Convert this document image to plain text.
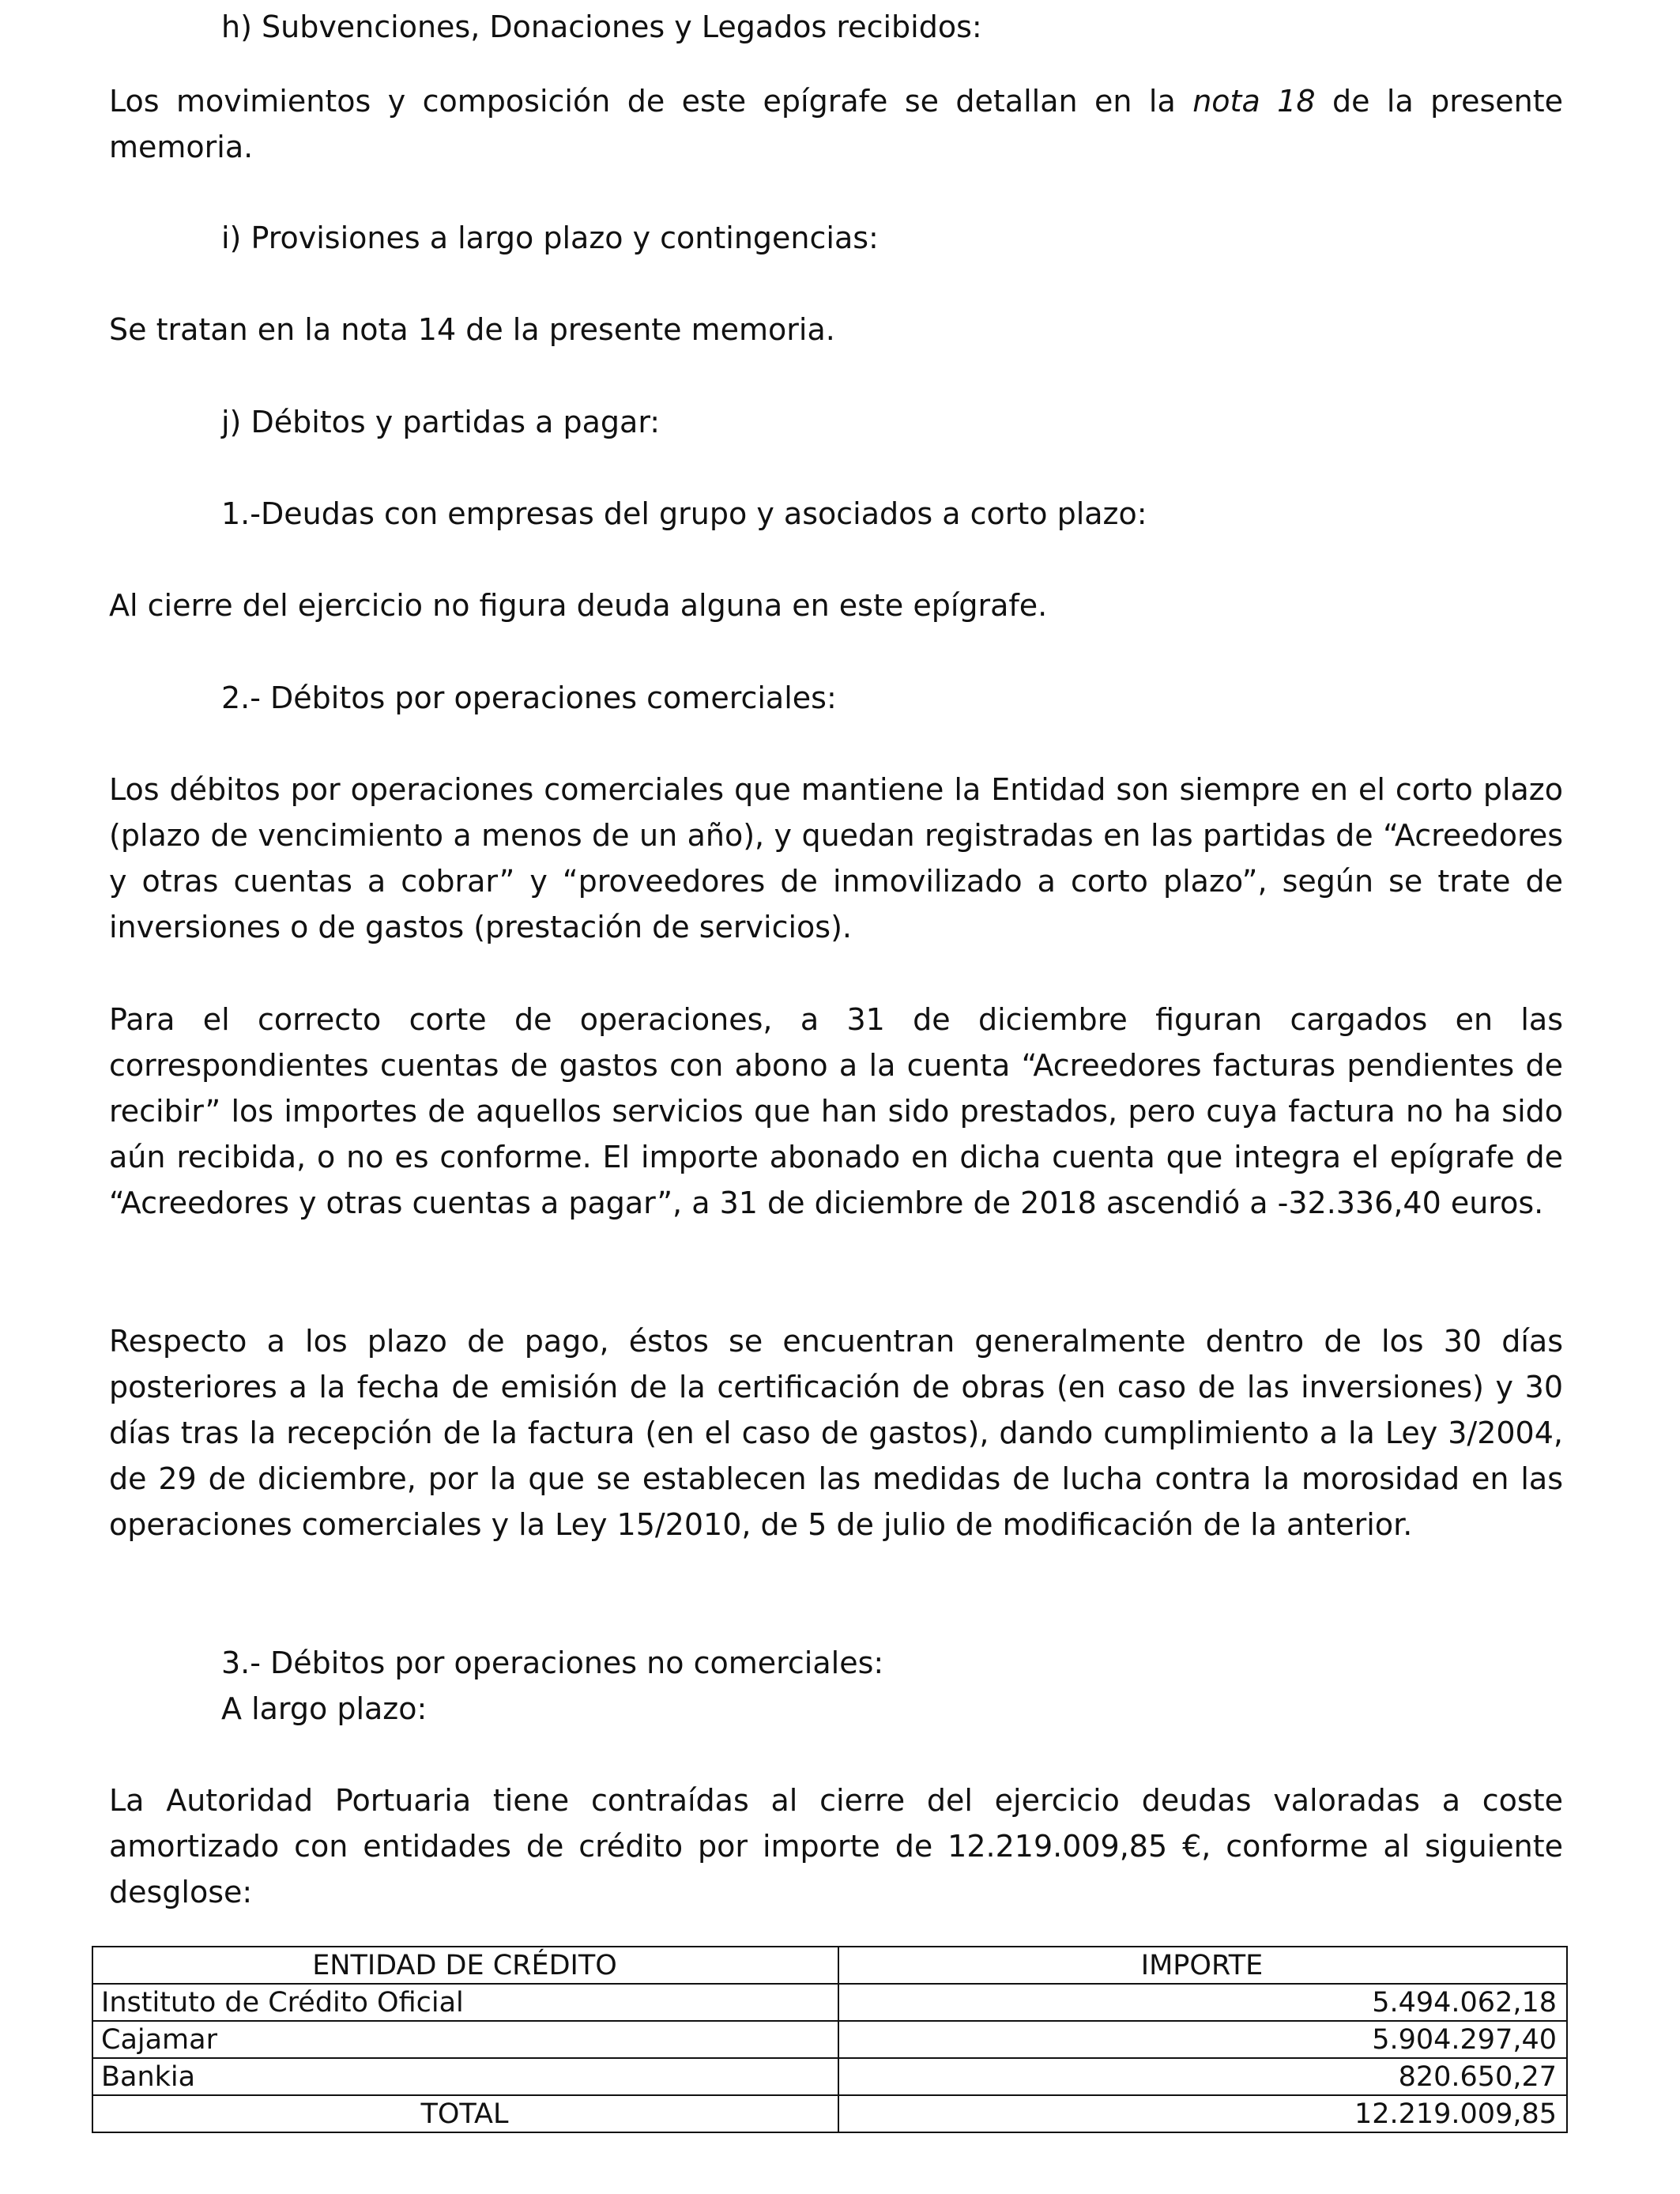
h) Subvenciones, Donaciones y Legados recibidos:
Los movimientos y composición de este epígrafe se detallan en la nota 18 de la presente memoria.
i) Provisiones a largo plazo y contingencias:
Se tratan en la nota 14 de la presente memoria.
j) Débitos y partidas a pagar:
1.-Deudas con empresas del grupo y asociados a corto plazo:
Al cierre del ejercicio no figura deuda alguna en este epígrafe.
2.- Débitos por operaciones comerciales:
Los débitos por operaciones comerciales que mantiene la Entidad son siempre en el corto plazo (plazo de vencimiento a menos de un año), y quedan registradas en las partidas de “Acreedores y otras cuentas a cobrar” y “proveedores de inmovilizado a corto plazo”, según se trate de inversiones o de gastos (prestación de servicios).
Para el correcto corte de operaciones, a 31 de diciembre figuran cargados en las correspondientes cuentas de gastos con abono a la cuenta “Acreedores facturas pendientes de recibir” los importes de aquellos servicios que han sido prestados, pero cuya factura no ha sido aún recibida, o no es conforme. El importe abonado en dicha cuenta que integra el epígrafe de “Acreedores y otras cuentas a pagar”, a 31 de diciembre de 2018 ascendió a -32.336,40 euros.
Respecto a los plazo de pago, éstos se encuentran generalmente dentro de los 30 días posteriores a la fecha de emisión de la certificación de obras (en caso de las inversiones) y 30 días tras la recepción de la factura (en el caso de gastos), dando cumplimiento a la Ley 3/2004, de 29 de diciembre, por la que se establecen las medidas de lucha contra la morosidad en las operaciones comerciales y la Ley 15/2010, de 5 de julio de modificación de la anterior.
3.- Débitos por operaciones no comerciales:
A largo plazo:
La Autoridad Portuaria tiene contraídas al cierre del ejercicio deudas valoradas a coste amortizado con entidades de crédito por importe de 12.219.009,85 €, conforme al siguiente desglose:
ENTIDAD DE CRÉDITO	IMPORTE
Instituto de Crédito Oficial	5.494.062,18
Cajamar	5.904.297,40
Bankia	820.650,27
TOTAL	12.219.009,85
